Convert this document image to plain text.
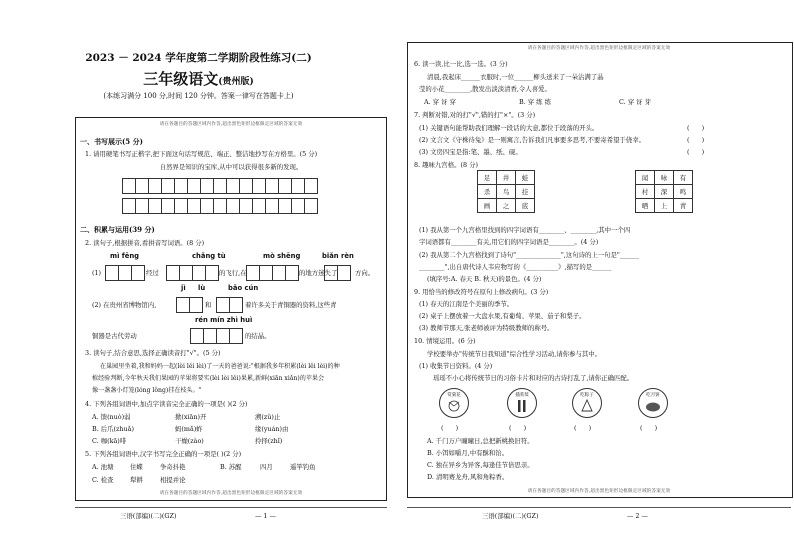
2023 － 2024 学年度第二学期阶段性练习(二)
三年级语文(贵州版)
(本练习满分 100 分,时间 120 分钟。答案一律写在答题卡上)
请在各题目的答题区域内作答,超出黑色矩形边框限定区域的答案无效
一、书写展示(5 分)
1. 请用硬笔书写正楷字,把下面这句话写规范、端正、整洁地抄写在方格里。(5 分)
自然界是知识的宝库,从中可以获得很多新的发现。

二、积累与运用(39 分)
2. 读句子,根据拼音,看拼音写词语。(8 分)
mì fēng	chǎng tù	mò shēng	biǎn rèn
(1)
			经过
				的飞行,在
				的地方迷失了
		方向。
jì lù	bǎo cún
(2) 在贵州省博物馆内,
		和
		着许多关于青铜器的资料,这些青
rén mín zhì huì
铜器是古代劳动
				的结晶。
3. 读句子,结合意思,选择正确读音打"√"。(5 分)
在巢园里坐着,我和妈妈一起(lèi lěi lèi)了一天的爸爸说:"根据我多年积累(lèi lěi lèi)的种
植经验判断,今年秋天我们果园的苹果将要实(lèi lèi lěi)果累,新鲜(xiān xiǎn)的苹果会
像一盏盏小灯笼(lóng lǒng)挂在枝头。"
4. 下列各组词语中,加点字读音完全正确的一项是( )(2 分)
A. 馈(nuò)弱	掀(xiān)开	溯(zǔ)止
B. 后爪(zhuǎ)	蚂(mǎ)蚱	缘(yuán)由
C. 咖(kā)啡	干燥(zào)	拎择(zhǐ)
5. 下列各组词语中,汉字书写完全正确的一项是( )(2 分)
A. 池塘	住蝶	争奇抖艳	B. 苏醒	四月	遥竿钓鱼
C. 检查	犁耕	相提并论
请在各题目的答题区域内作答,超出黑色矩形边框限定区域的答案无效
三语(部编)(二)(GZ)	— 1 —
请在各题目的答题区域内作答,超出黑色矩形边框限定区域的答案无效
6. 读一读,比一比,选一选。(3 分)
清晨,我起床______衣服时,一位______柳头送来了一朵沾满了晶
莹的小花________,散发出淡淡清香,令人喜爱。
A. 穿 讶 穿	B. 穿 练 练	C. 穿 讶 芽
7. 判断对错,对的打"√",错的打"×"。(3 分)
(1) 关键语句能帮助我们理解一段话的大意,都位于段落的开头。	(      )
(2) 文言文《守株待兔》是一则寓言,告诉我们凡事要多思考,不要寄希望于侥幸。	(      )
(3) 文房四宝是指:笔、墨、纸、砚。	(      )
8. 趣味九宫格。(8 分)
足	井	蛙
杀	鸟	挂
画	之	底
闻	咏	有
村	深	鸣
晒	上	青
(1) 我从第一个九宫格里找到的四字词语有________、________,其中一个四
字词语都有________有关,用它们的四字词语是________。(4 分)
(2) 我从第二个九宫格找到了诗句"______________",这句诗的上一句是"______
________",出自唐代诗人韦应物写的《__________》,描写的是______
(填序号:A. 春天 B. 秋天)的景色。(4 分)
9. 用恰当的修改符号在原句上修改病句。(3 分)
(1) 春天的江南是个美丽的季节。
(2) 桌子上摆放着一大盘水果,有葡萄、苹果、茄子和梨子。
(3) 教师节那天,张老师被评为特级教师的称号。
10. 情境运用。(6 分)
学校要举办"传统节日我知道"综合性学习活动,请你参与其中。
(1) 收集节日资料。(4 分)
瑶瑶不小心将传统节日的习俗卡片和对应的古诗打乱了,请你正确匹配。
赏菊花	插茱萸	吃粽子	吃月饼
(      )	(      )	(      )	(      )
A. 千门万户曈曈日,总把新桃换旧符。
B. 小饵如嚼月,中有酥和饴。
C. 独在异乡为异客,每逢佳节倍思亲。
D. 清明赛龙舟,风和角粽香。
请在各题目的答题区域内作答,超出黑色矩形边框限定区域的答案无效
三语(部编)(二)(GZ)	— 2 —
